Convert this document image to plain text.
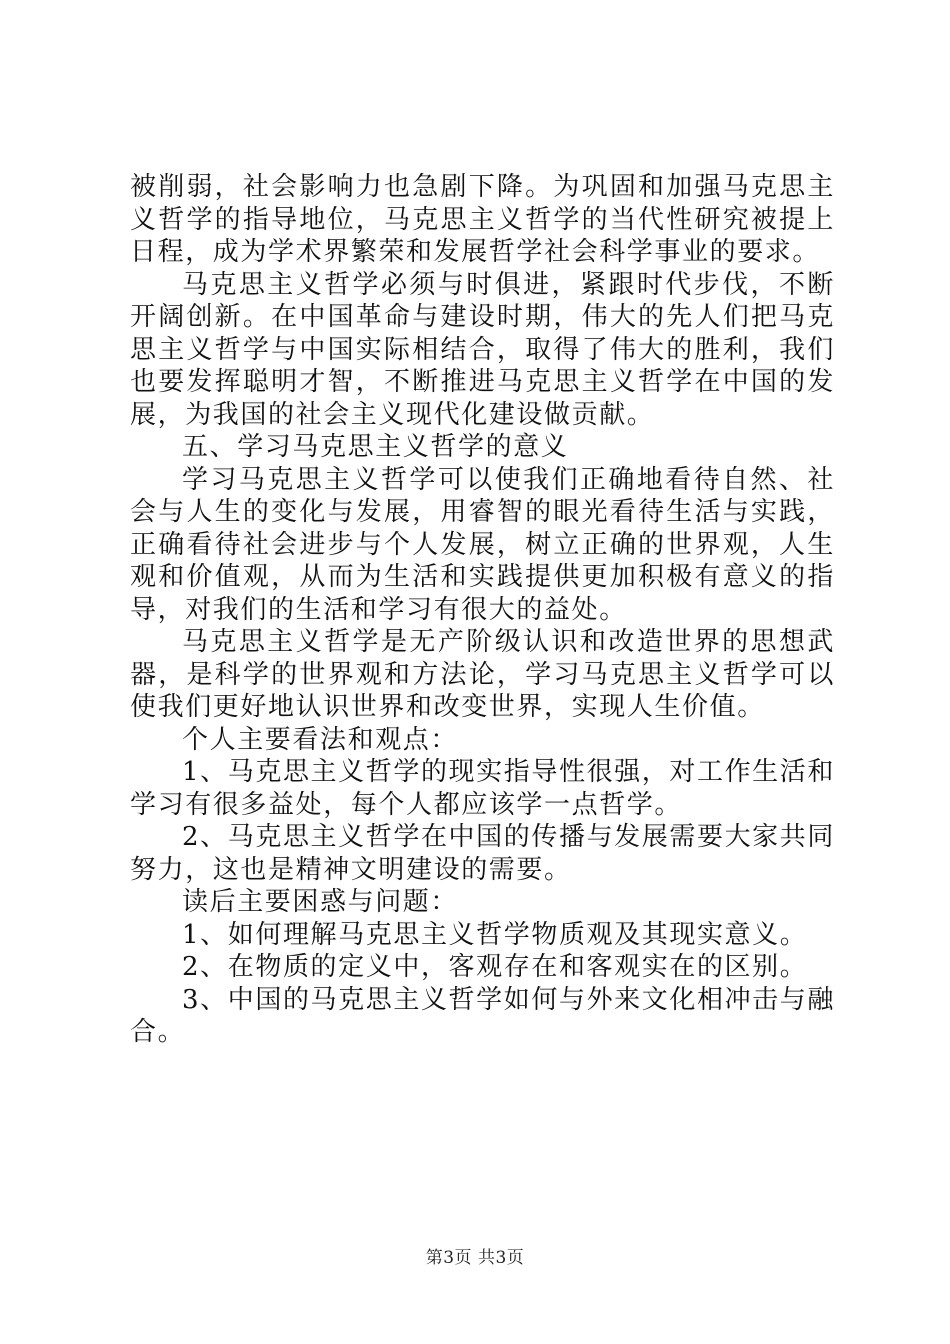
被削弱，社会影响力也急剧下降。为巩固和加强马克思主义哲学的指导地位，马克思主义哲学的当代性研究被提上日程，成为学术界繁荣和发展哲学社会科学事业的要求。

马克思主义哲学必须与时俱进，紧跟时代步伐，不断开阔创新。在中国革命与建设时期，伟大的先人们把马克思主义哲学与中国实际相结合，取得了伟大的胜利，我们也要发挥聪明才智，不断推进马克思主义哲学在中国的发展，为我国的社会主义现代化建设做贡献。

五、学习马克思主义哲学的意义

学习马克思主义哲学可以使我们正确地看待自然、社会与人生的变化与发展，用睿智的眼光看待生活与实践，正确看待社会进步与个人发展，树立正确的世界观，人生观和价值观，从而为生活和实践提供更加积极有意义的指导，对我们的生活和学习有很大的益处。

马克思主义哲学是无产阶级认识和改造世界的思想武器，是科学的世界观和方法论，学习马克思主义哲学可以使我们更好地认识世界和改变世界，实现人生价值。

个人主要看法和观点：

1、马克思主义哲学的现实指导性很强，对工作生活和学习有很多益处，每个人都应该学一点哲学。

2、马克思主义哲学在中国的传播与发展需要大家共同努力，这也是精神文明建设的需要。

读后主要困惑与问题：

1、如何理解马克思主义哲学物质观及其现实意义。

2、在物质的定义中，客观存在和客观实在的区别。

3、中国的马克思主义哲学如何与外来文化相冲击与融合。

第3页 共3页
